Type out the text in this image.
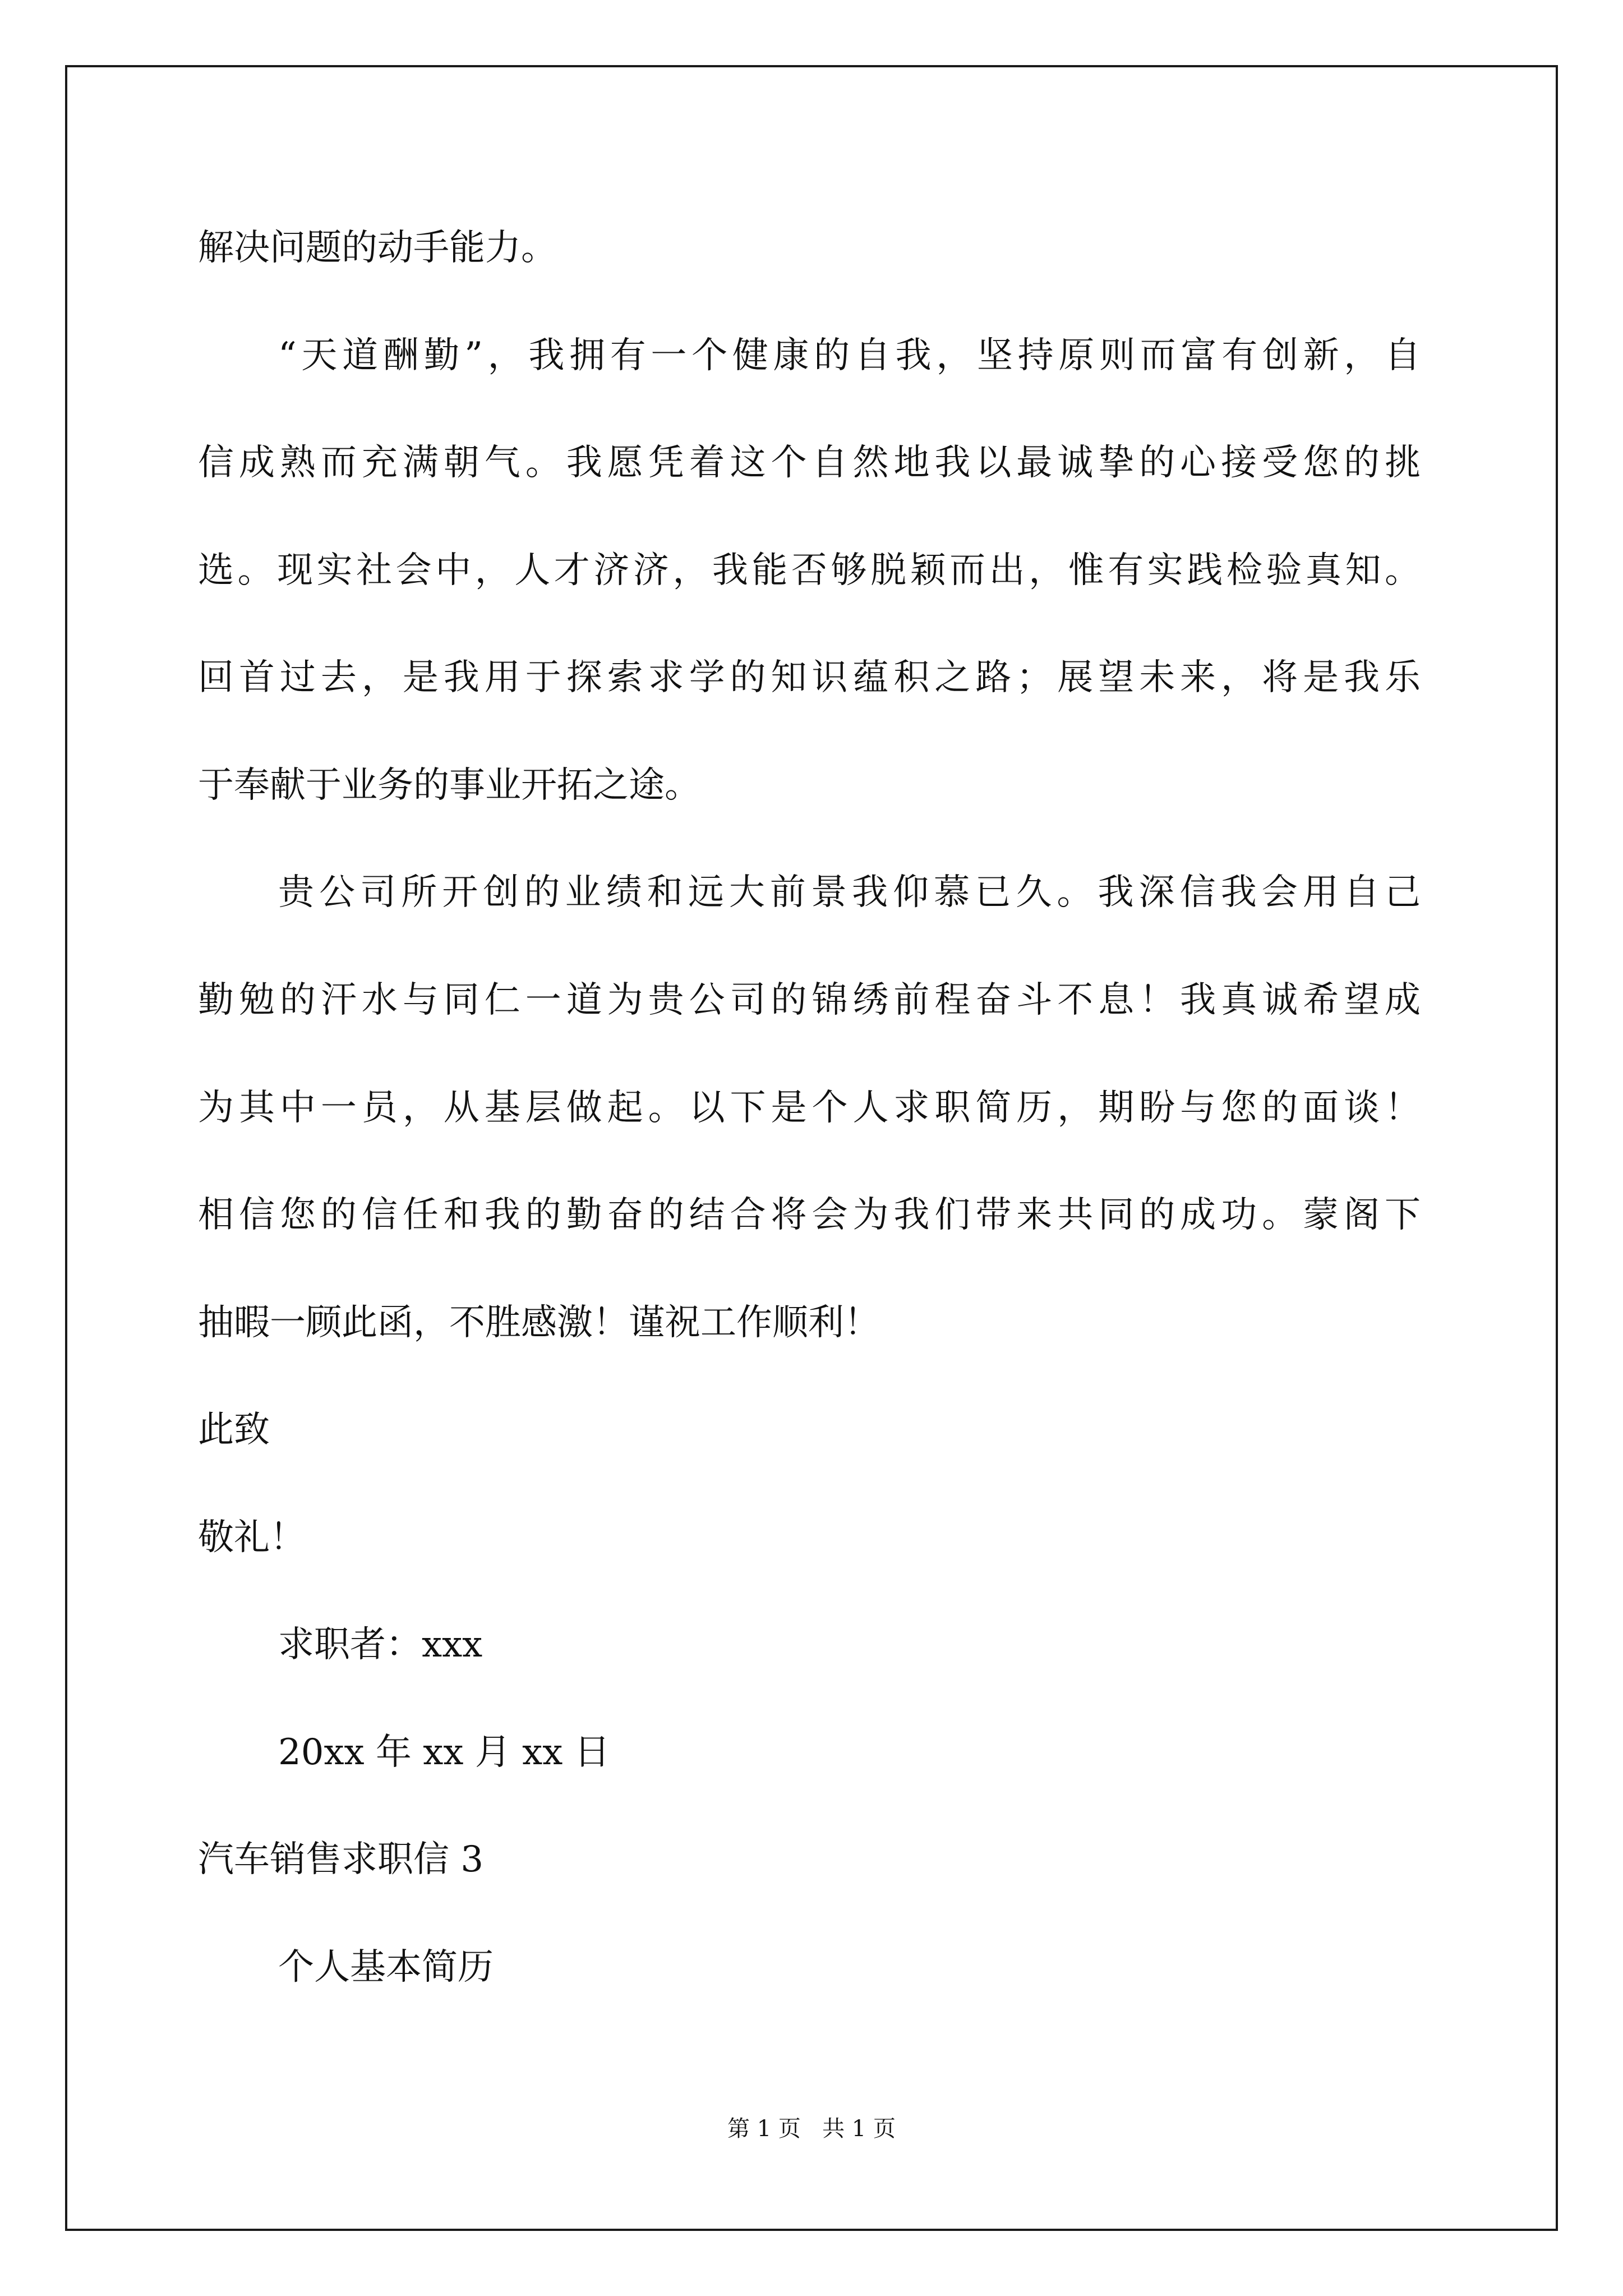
解决问题的动手能力。

“天道酬勤”，我拥有一个健康的自我，坚持原则而富有创新，自

信成熟而充满朝气。我愿凭着这个自然地我以最诚挚的心接受您的挑

选。现实社会中，人才济济，我能否够脱颖而出，惟有实践检验真知。

回首过去，是我用于探索求学的知识蕴积之路；展望未来，将是我乐

于奉献于业务的事业开拓之途。

贵公司所开创的业绩和远大前景我仰慕已久。我深信我会用自己

勤勉的汗水与同仁一道为贵公司的锦绣前程奋斗不息！我真诚希望成

为其中一员，从基层做起。以下是个人求职简历，期盼与您的面谈！

相信您的信任和我的勤奋的结合将会为我们带来共同的成功。蒙阁下

抽暇一顾此函，不胜感激！谨祝工作顺利！

此致

敬礼！

求职者：xxx

20xx 年 xx 月 xx 日

汽车销售求职信 3

个人基本简历

第 1 页   共 1 页
